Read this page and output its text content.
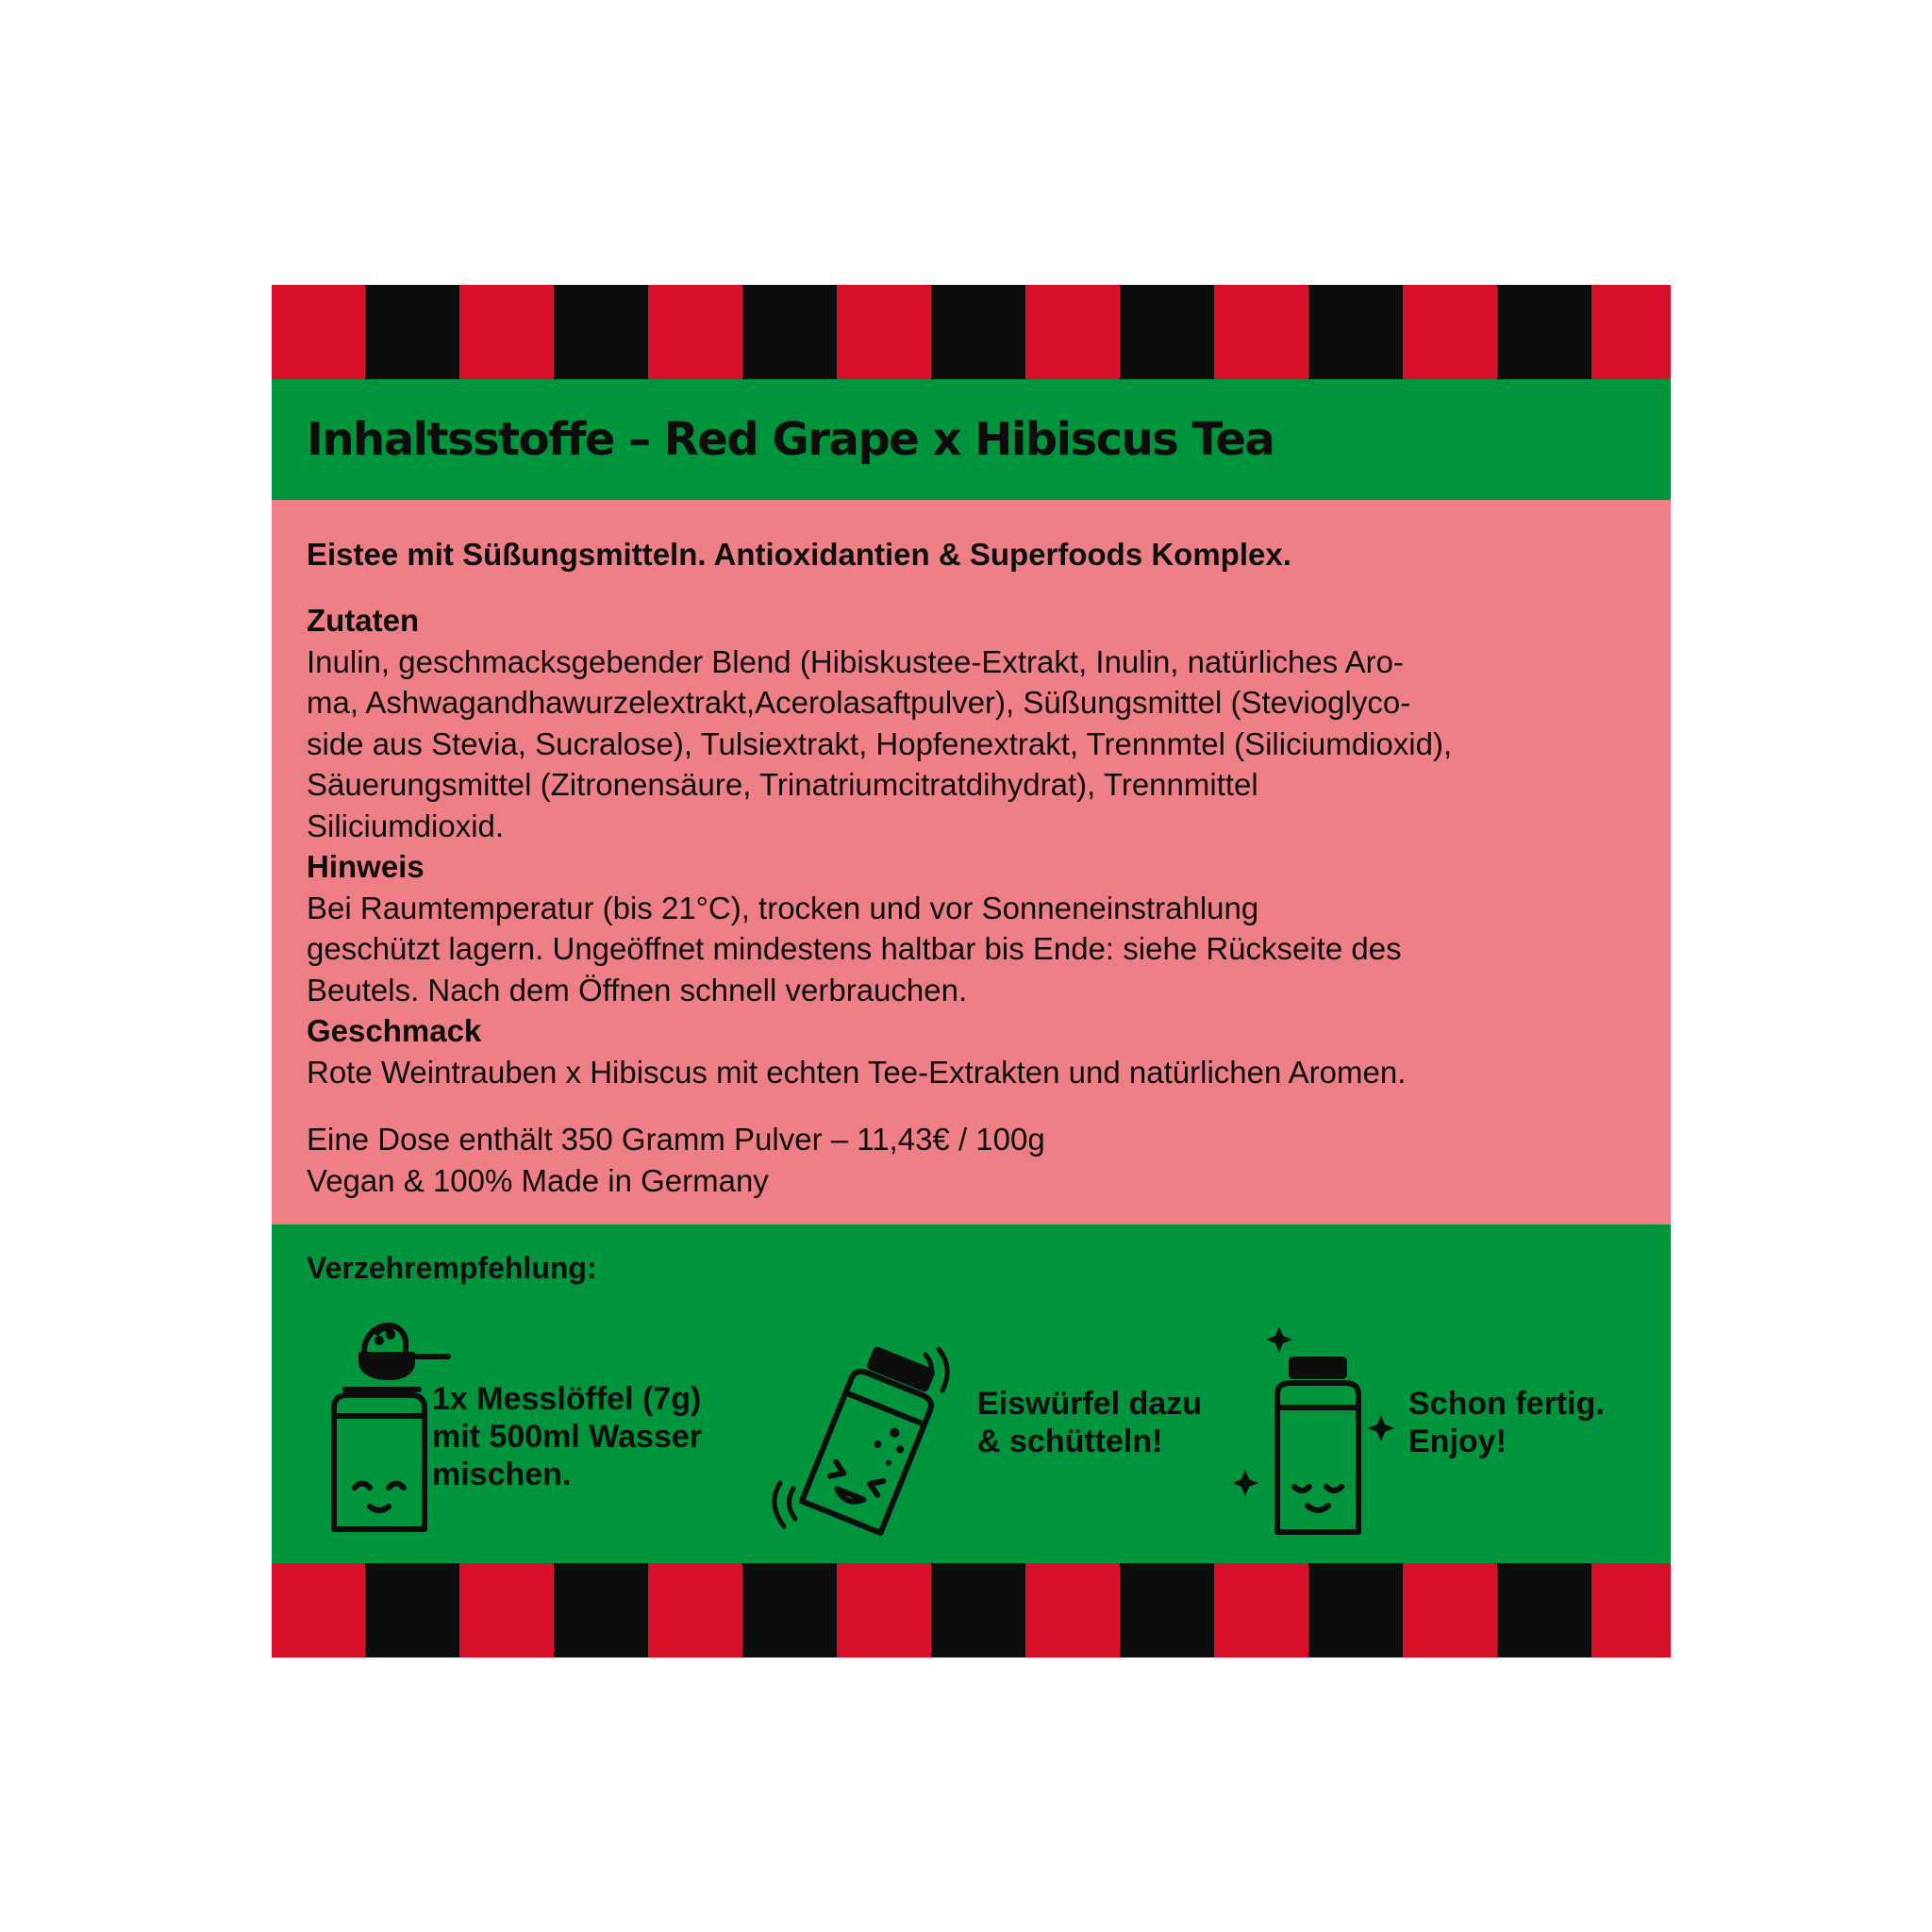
Inhaltsstoffe – Red Grape x Hibiscus Tea

Eistee mit Süßungsmitteln. Antioxidantien & Superfoods Komplex.

Zutaten
Inulin, geschmacksgebender Blend (Hibiskustee-Extrakt, Inulin, natürliches Aro-
ma, Ashwagandhawurzelextrakt,Acerolasaftpulver), Süßungsmittel (Stevioglyco-
side aus Stevia, Sucralose), Tulsiextrakt, Hopfenextrakt, Trennmtel (Siliciumdioxid),
Säuerungsmittel (Zitronensäure, Trinatriumcitratdihydrat), Trennmittel
Siliciumdioxid.
Hinweis
Bei Raumtemperatur (bis 21°C), trocken und vor Sonneneinstrahlung
geschützt lagern. Ungeöffnet mindestens haltbar bis Ende: siehe Rückseite des
Beutels. Nach dem Öffnen schnell verbrauchen.
Geschmack
Rote Weintrauben x Hibiscus mit echten Tee-Extrakten und natürlichen Aromen.
Eine Dose enthält 350 Gramm Pulver – 11,43€ / 100g
Vegan & 100% Made in Germany

Verzehrempfehlung:

1x Messlöffel (7g)
mit 500ml Wasser
mischen.

Eiswürfel dazu
& schütteln!

Schon fertig.
Enjoy!
